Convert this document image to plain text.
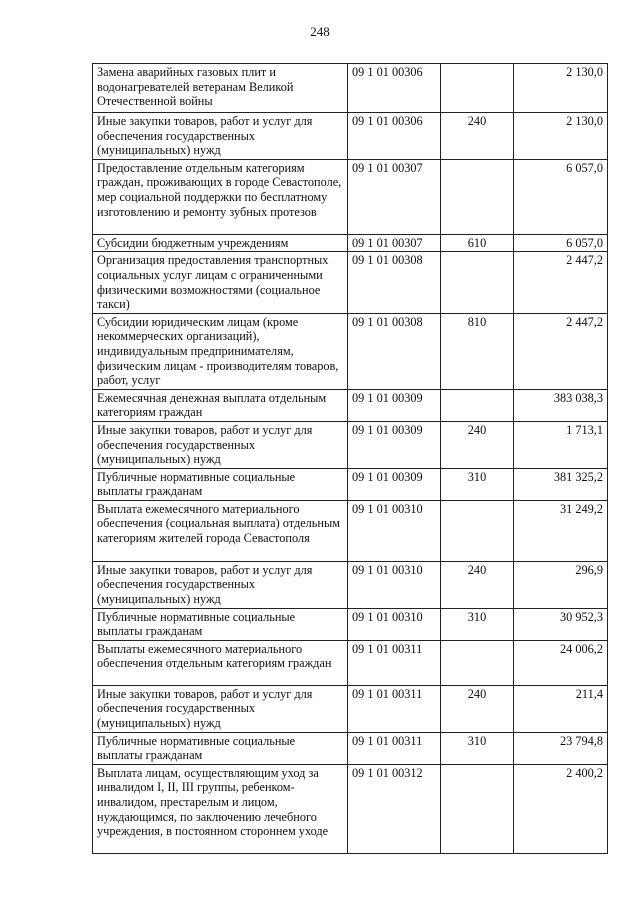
248
Замена аварийных газовых плит и водонагревателей ветеранам Великой Отечественной войны	09 1 01 00306		2 130,0
Иные закупки товаров, работ и услуг для обеспечения государственных (муниципальных) нужд	09 1 01 00306	240	2 130,0
Предоставление отдельным категориям граждан, проживающих в городе Севастополе, мер социальной поддержки по бесплатному изготовлению и ремонту зубных протезов	09 1 01 00307		6 057,0
Субсидии бюджетным учреждениям	09 1 01 00307	610	6 057,0
Организация предоставления транспортных социальных услуг лицам с ограниченными физическими возможностями (социальное такси)	09 1 01 00308		2 447,2
Субсидии юридическим лицам (кроме некоммерческих организаций), индивидуальным предпринимателям, физическим лицам - производителям товаров, работ, услуг	09 1 01 00308	810	2 447,2
Ежемесячная денежная выплата отдельным категориям граждан	09 1 01 00309		383 038,3
Иные закупки товаров, работ и услуг для обеспечения государственных (муниципальных) нужд	09 1 01 00309	240	1 713,1
Публичные нормативные социальные выплаты гражданам	09 1 01 00309	310	381 325,2
Выплата ежемесячного материального обеспечения (социальная выплата) отдельным категориям жителей города Севастополя	09 1 01 00310		31 249,2
Иные закупки товаров, работ и услуг для обеспечения государственных (муниципальных) нужд	09 1 01 00310	240	296,9
Публичные нормативные социальные выплаты гражданам	09 1 01 00310	310	30 952,3
Выплаты ежемесячного материального обеспечения отдельным категориям граждан	09 1 01 00311		24 006,2
Иные закупки товаров, работ и услуг для обеспечения государственных (муниципальных) нужд	09 1 01 00311	240	211,4
Публичные нормативные социальные выплаты гражданам	09 1 01 00311	310	23 794,8
Выплата лицам, осуществляющим уход за инвалидом I, II, III группы, ребенком-инвалидом, престарелым и лицом, нуждающимся, по заключению лечебного учреждения, в постоянном стороннем уходе	09 1 01 00312		2 400,2
